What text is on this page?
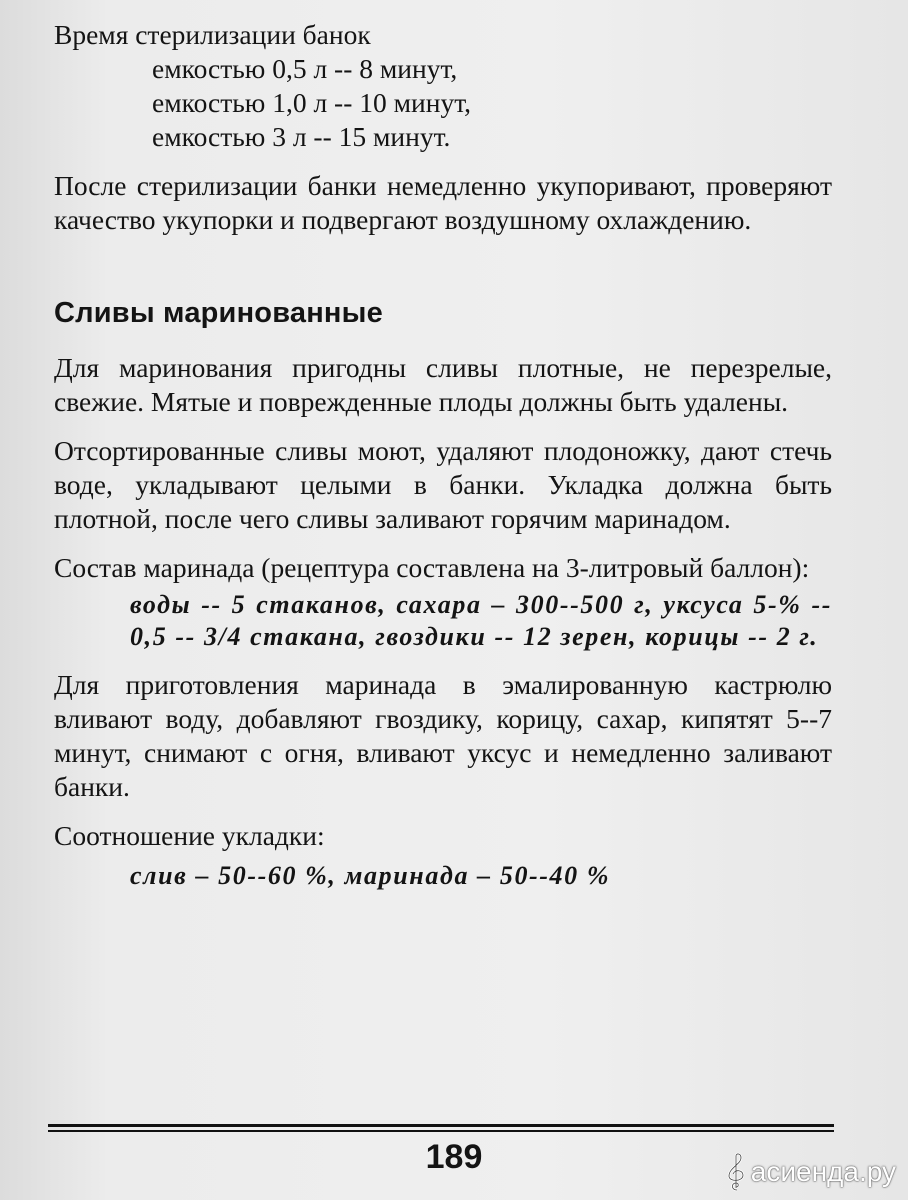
Время стерилизации банок
емкостью 0,5 л -- 8 минут,
емкостью 1,0 л -- 10 минут,
емкостью 3 л -- 15 минут.

После стерилизации банки немедленно укупоривают, проверяют качество укупорки и подвергают воздушному охлаждению.

Сливы маринованные

Для маринования пригодны сливы плотные, не перезрелые, свежие. Мятые и поврежденные плоды должны быть удалены.

Отсортированные сливы моют, удаляют плодоножку, дают стечь воде, укладывают целыми в банки. Укладка должна быть плотной, после чего сливы заливают горячим маринадом.

Состав маринада (рецептура составлена на 3-литровый баллон):

воды -- 5 стаканов, сахара – 300--500 г, уксуса 5-% -- 0,5 -- 3/4 стакана, гвоздики -- 12 зерен, корицы -- 2 г.

Для приготовления маринада в эмалированную кастрюлю вливают воду, добавляют гвоздику, корицу, сахар, кипятят 5--7 минут, снимают с огня, вливают уксус и немедленно заливают банки.

Соотношение укладки:

слив – 50--60 %, маринада – 50--40 %
189	асиенда.ру
